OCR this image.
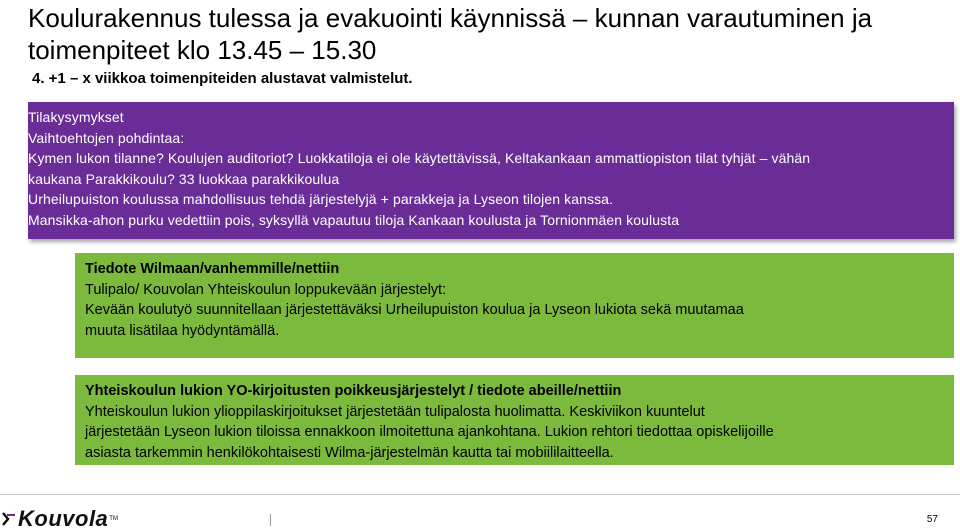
Koulurakennus tulessa ja evakuointi käynnissä – kunnan varautuminen ja toimenpiteet klo 13.45 – 15.30
4. +1 – x viikkoa toimenpiteiden alustavat valmistelut.
Tilakysymykset
Vaihtoehtojen pohdintaa:
Kymen lukon tilanne? Koulujen auditoriot? Luokkatiloja ei ole käytettävissä, Keltakankaan ammattiopiston tilat tyhjät – vähän
kaukana Parakkikoulu? 33 luokkaa parakkikoulua
Urheilupuiston koulussa mahdollisuus tehdä järjestelyjä + parakkeja ja Lyseon tilojen kanssa.
Mansikka-ahon purku vedettiin pois, syksyllä vapautuu tiloja Kankaan koulusta ja Tornionmäen koulusta
Tiedote Wilmaan/vanhemmille/nettiin
Tulipalo/ Kouvolan Yhteiskoulun loppukevään järjestelyt:
Kevään koulutyö suunnitellaan järjestettäväksi Urheilupuiston koulua ja Lyseon lukiota sekä muutamaa
muuta lisätilaa hyödyntämällä.
Yhteiskoulun lukion YO-kirjoitusten poikkeusjärjestelyt / tiedote abeille/nettiin
Yhteiskoulun lukion ylioppilaskirjoitukset järjestetään tulipalosta huolimatta. Keskiviikon kuuntelut
järjestetään Lyseon lukion tiloissa ennakkoon ilmoitettuna ajankohtana. Lukion rehtori tiedottaa opiskelijoille
asiasta tarkemmin henkilökohtaisesti Wilma-järjestelmän kautta tai mobiililaitteella.
Kouvola TM	57
